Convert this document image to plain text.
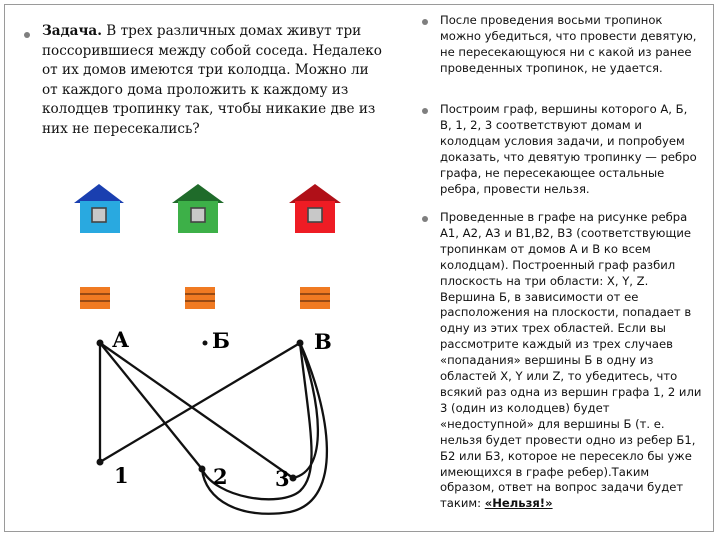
Задача. В трех различных домах живут три поссорившиеся между собой соседа. Недалеко от их домов имеются три колодца. Можно ли от каждого дома проложить к каждому из колодцев тропинку так, чтобы никакие две из них не пересекались?
После проведения восьми тропинок можно убедиться, что провести девятую, не пересекающуюся ни с какой из ранее проведенных тропинок, не удается.
Построим граф, вершины которого А, Б, В, 1, 2, 3 соответствуют домам и колодцам условия задачи, и попробуем доказать, что девятую тропинку — ребро графа, не пересекающее остальные ребра, провести нельзя.
Проведенные в графе на рисунке ребра А1, А2, А3 и В1,В2, В3 (соответствующие тропинкам от домов А и В ко всем колодцам). Построенный граф разбил плоскость на три области: X, Y, Z. Вершина Б, в зависимости от ее расположения на плоскости, попадает в одну из этих трех областей. Если вы рассмотрите каждый из трех случаев «попадания» вершины Б в одну из областей X, Y или Z, то убедитесь, что всякий раз одна из вершин графа 1, 2 или 3 (один из колодцев) будет «недоступной» для вершины Б (т. е. нельзя будет провести одно из ребер Б1, Б2 или Б3, которое не пересекло бы уже имеющихся в графе ребер).Таким образом, ответ на вопрос задачи будет таким: «Нельзя!»
А	Б	В
1	2 3
